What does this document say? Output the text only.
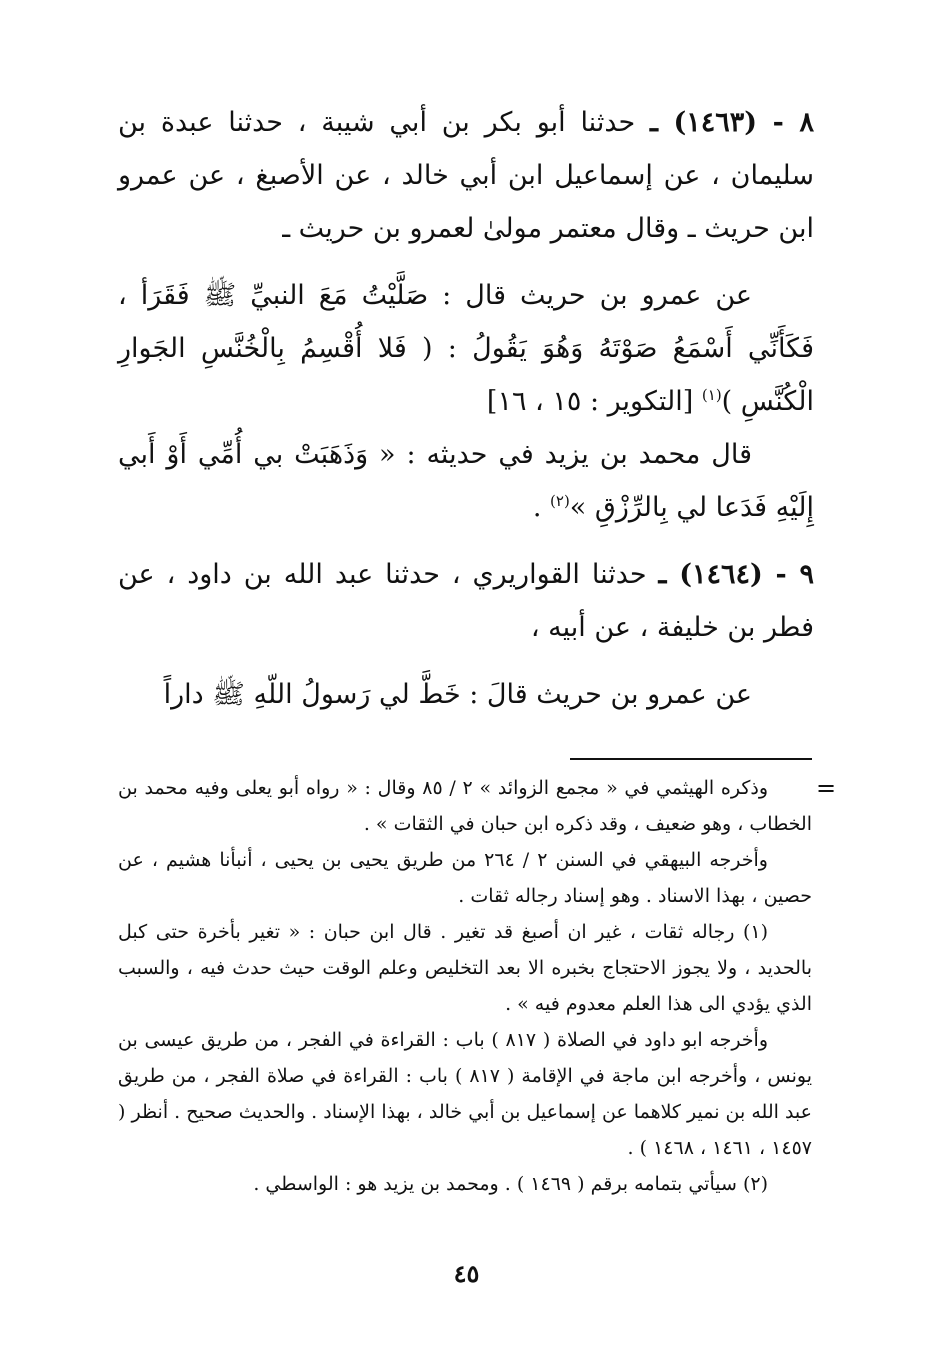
٨ - (١٤٦٣) ـ حدثنا أبو بكر بن أبي شيبة ، حدثنا عبدة بن سليمان ، عن إسماعيل ابن أبي خالد ، عن الأصبغ ، عن عمرو ابن حريث ـ وقال معتمر مولىٰ لعمرو بن حريث ـ

عن عمرو بن حريث قال : صَلَّيْتُ مَعَ النبيِّ ﷺ فَقَرَأ ، فَكَأَنِّي أَسْمَعُ صَوْتَهُ وَهُوَ يَقُولُ : ( فَلا أُقْسِمُ بِالْخُنَّسِ الجَوارِ الْكُنَّسِ )$^{(١)}$ [التكوير : ١٥ ، ١٦]

قال محمد بن يزيد في حديثه : « وَذَهَبَتْ بي أُمِّي أَوْ أَبي إِلَيْهِ فَدَعا لي بِالرِّزْقِ »$^{(٢)}$ .

٩ - (١٤٦٤) ـ حدثنا القواريري ، حدثنا عبد الله بن داود ، عن فطر بن خليفة ، عن أبيه ،

عن عمرو بن حريث قالَ : خَطَّ لي رَسولُ اللّهِ ﷺ داراً

=

وذكره الهيثمي في « مجمع الزوائد » ٢ / ٨٥ وقال : « رواه أبو يعلى وفيه محمد بن الخطاب ، وهو ضعيف ، وقد ذكره ابن حبان في الثقات » .

وأخرجه البيهقي في السنن ٢ / ٢٦٤ من طريق يحيى بن يحيى ، أنبأنا هشيم ، عن حصين ، بهذا الاسناد . وهو إسناد رجاله ثقات .

(١) رجاله ثقات ، غير ان أصبغ قد تغير . قال ابن حبان : « تغير بأخرة حتى كبل بالحديد ، ولا يجوز الاحتجاج بخبره الا بعد التخليص وعلم الوقت حيث حدث فيه ، والسبب الذي يؤدي الى هذا العلم معدوم فيه » .

وأخرجه ابو داود في الصلاة ( ٨١٧ ) باب : القراءة في الفجر ، من طريق عيسى بن يونس ، وأخرجه ابن ماجة في الإقامة ( ٨١٧ ) باب : القراءة في صلاة الفجر ، من طريق عبد الله بن نمير كلاهما عن إسماعيل بن أبي خالد ، بهذا الإسناد . والحديث صحيح . أنظر ( ١٤٥٧ ، ١٤٦١ ، ١٤٦٨ ) .

(٢) سيأتي بتمامه برقم ( ١٤٦٩ ) . ومحمد بن يزيد هو : الواسطي .

٤٥
